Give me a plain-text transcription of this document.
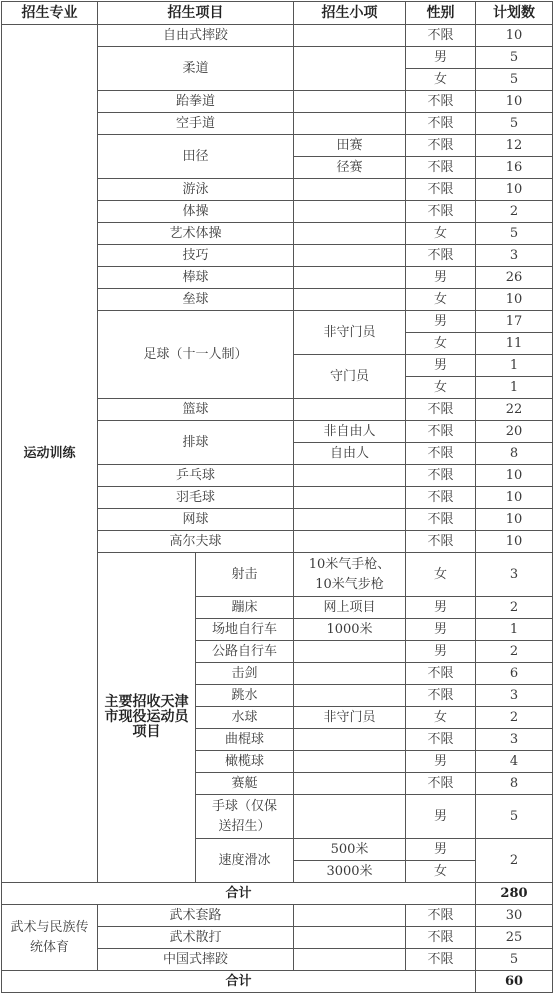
招生专业	招生项目		招生小项	性别	计划数
运动训练	自由式摔跤			不限	10
	柔道			男	5
				女	5
	跆拳道			不限	10
	空手道			不限	5
	田径		田赛	不限	12
			径赛	不限	16
	游泳			不限	10
	体操			不限	2
	艺术体操			女	5
	技巧			不限	3
	棒球			男	26
	垒球			女	10
	足球（十一人制）		非守门员	男	17
				女	11
			守门员	男	1
				女	1
	篮球			不限	22
	排球		非自由人	不限	20
			自由人	不限	8
	乒乓球			不限	10
	羽毛球			不限	10
	网球			不限	10
	高尔夫球			不限	10
	主要招收天津市现役运动员项目	射击	10米气手枪、
10米气步枪	女	3
		蹦床	网上项目	男	2
		场地自行车	1000米	男	1
		公路自行车		男	2
		击剑		不限	6
		跳水		不限	3
		水球	非守门员	女	2
		曲棍球		不限	3
		橄榄球		男	4
		赛艇		不限	8
		手球（仅保
送招生）		男	5
		速度滑冰	500米	男	2
			3000米	女	
合计					280
武术与民族传统体育	武术套路			不限	30
	武术散打			不限	25
	中国式摔跤			不限	5
合计					60
